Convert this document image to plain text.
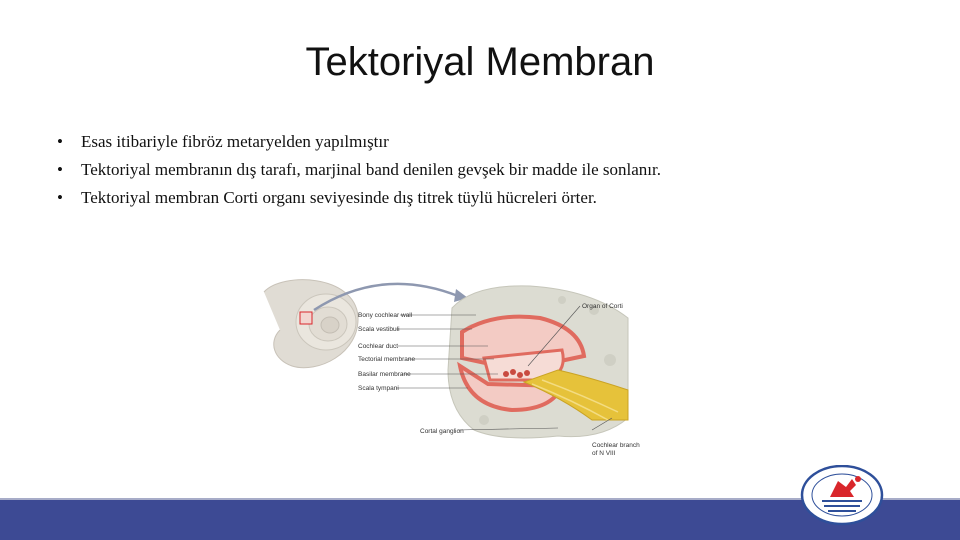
Tektoriyal Membran
• Esas itibariyle fibröz metaryelden yapılmıştır
• Tektoriyal membranın dış tarafı, marjinal band denilen gevşek bir madde ile sonlanır.
• Tektoriyal membran Corti organı seviyesinde dış titrek tüylü hücreleri örter.
Bony cochlear wall
Scala vestibuli
Cochlear duct
Tectorial membrane
Basilar membrane
Scala tympani
Organ of Corti
Cortal ganglion
Cochlear branch
of N VIII
